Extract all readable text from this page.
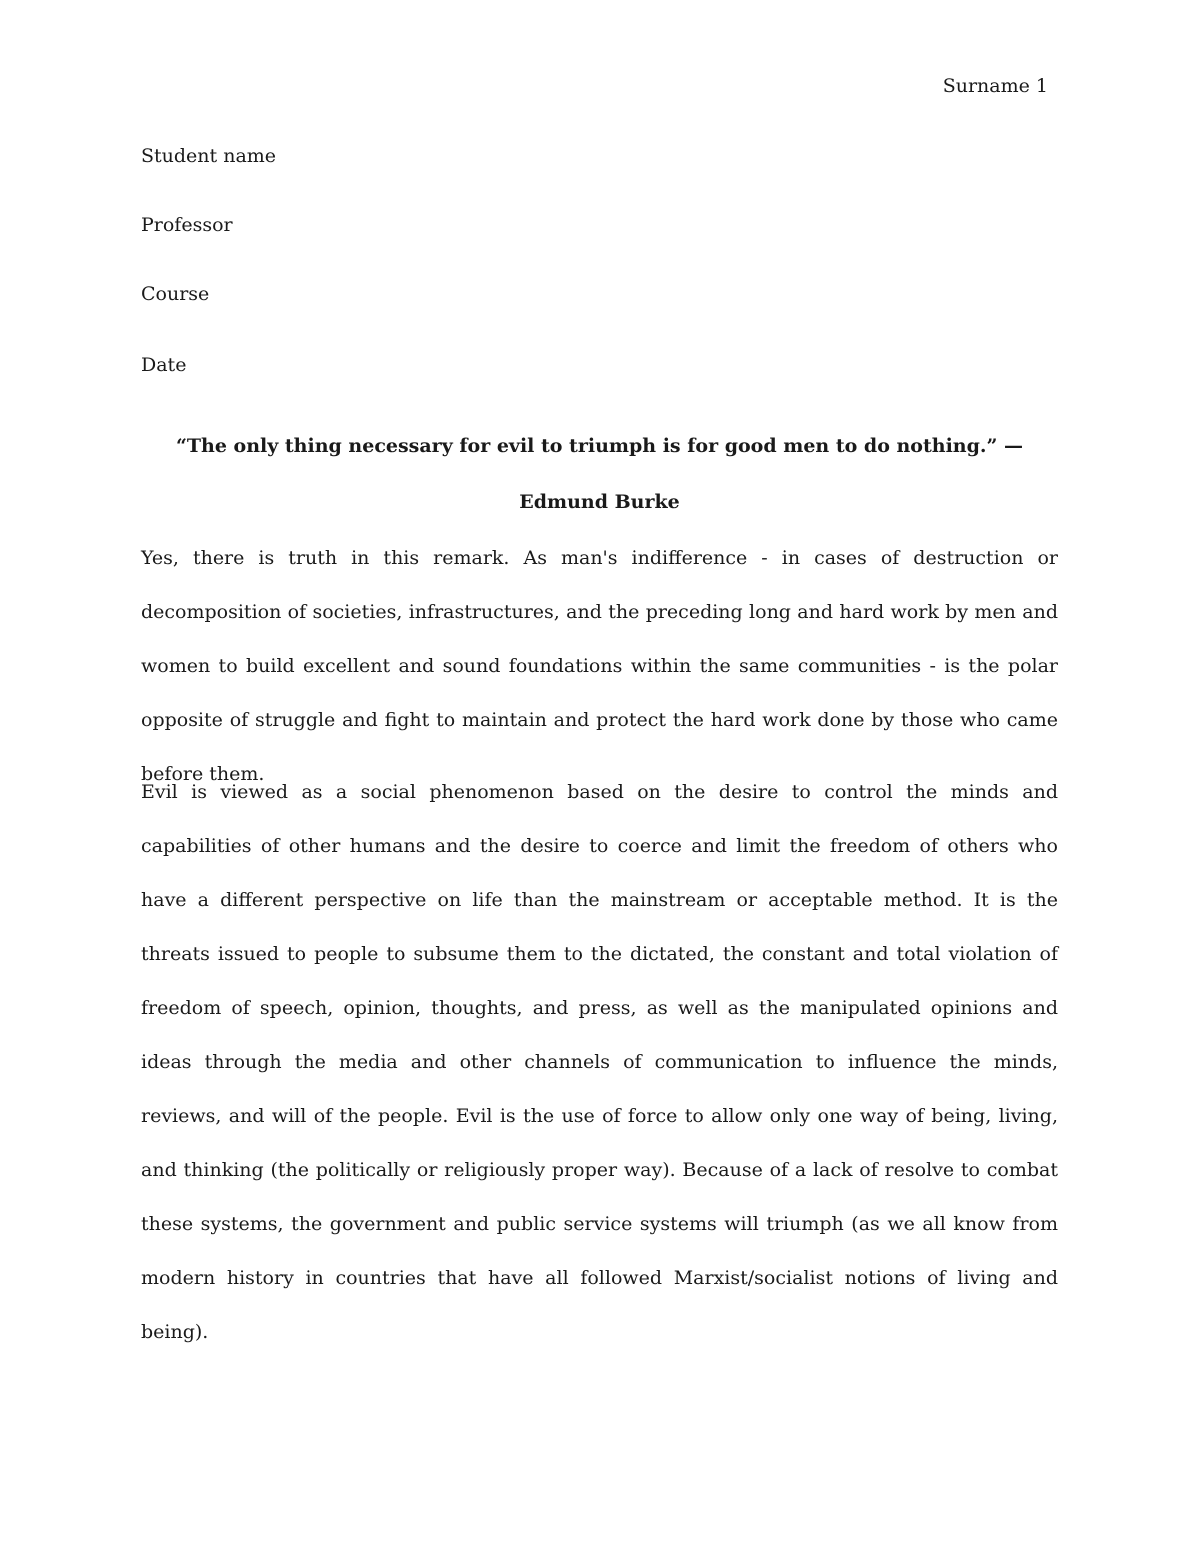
Surname 1
Student name
Professor
Course
Date

“The only thing necessary for evil to triumph is for good men to do nothing.” —Edmund Burke

Yes, there is truth in this remark. As man's indifference - in cases of destruction or decomposition of societies, infrastructures, and the preceding long and hard work by men and women to build excellent and sound foundations within the same communities - is the polar opposite of struggle and fight to maintain and protect the hard work done by those who came before them.

Evil is viewed as a social phenomenon based on the desire to control the minds and capabilities of other humans and the desire to coerce and limit the freedom of others who have a different perspective on life than the mainstream or acceptable method. It is the threats issued to people to subsume them to the dictated, the constant and total violation of freedom of speech, opinion, thoughts, and press, as well as the manipulated opinions and ideas through the media and other channels of communication to influence the minds, reviews, and will of the people. Evil is the use of force to allow only one way of being, living, and thinking (the politically or religiously proper way). Because of a lack of resolve to combat these systems, the government and public service systems will triumph (as we all know from modern history in countries that have all followed Marxist/socialist notions of living and being).
